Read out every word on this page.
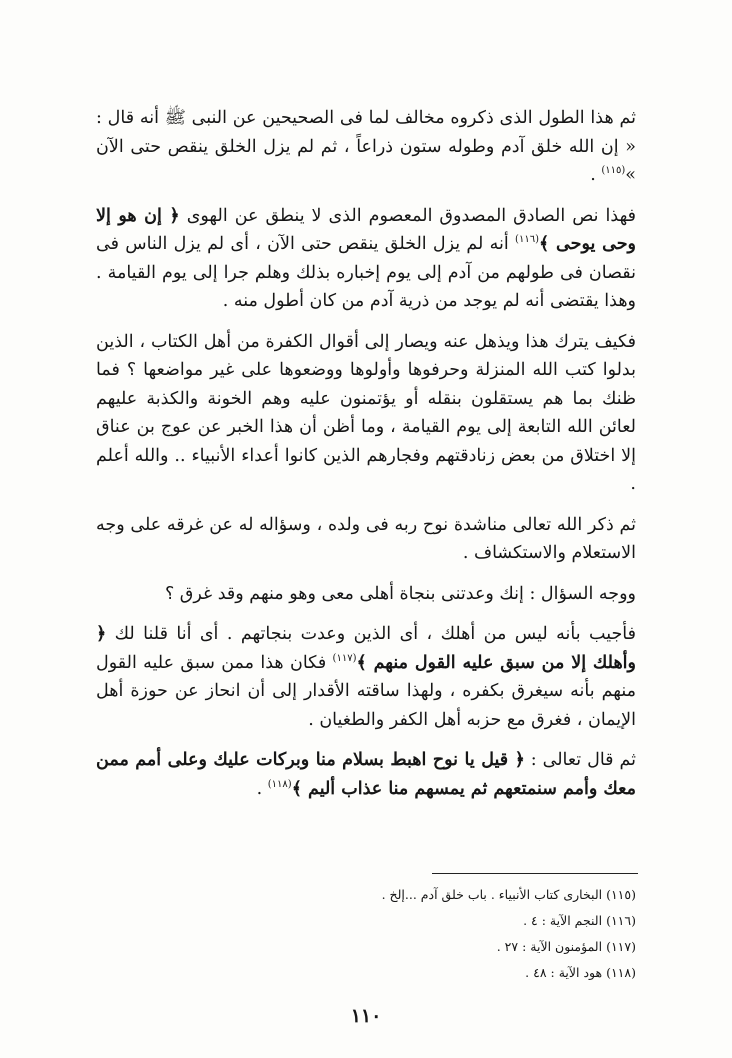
ثم هذا الطول الذى ذكروه مخالف لما فى الصحيحين عن النبى ﷺ أنه قال : « إن الله خلق آدم وطوله ستون ذراعاً ، ثم لم يزل الخلق ينقص حتى الآن »$^{(١١٥)}$ .

فهذا نص الصادق المصدوق المعصوم الذى لا ينطق عن الهوى ﴿ إن هو إلا وحى يوحى ﴾$^{(١١٦)}$ أنه لم يزل الخلق ينقص حتى الآن ، أى لم يزل الناس فى نقصان فى طولهم من آدم إلى يوم إخباره بذلك وهلم جرا إلى يوم القيامة . وهذا يقتضى أنه لم يوجد من ذرية آدم من كان أطول منه .

فكيف يترك هذا ويذهل عنه ويصار إلى أقوال الكفرة من أهل الكتاب ، الذين بدلوا كتب الله المنزلة وحرفوها وأولوها ووضعوها على غير مواضعها ؟ فما ظنك بما هم يستقلون بنقله أو يؤتمنون عليه وهم الخونة والكذبة عليهم لعائن الله التابعة إلى يوم القيامة ، وما أظن أن هذا الخبر عن عوج بن عناق إلا اختلاق من بعض زنادقتهم وفجارهم الذين كانوا أعداء الأنبياء .. والله أعلم .

ثم ذكر الله تعالى مناشدة نوح ربه فى ولده ، وسؤاله له عن غرقه على وجه الاستعلام والاستكشاف .

ووجه السؤال : إنك وعدتنى بنجاة أهلى معى وهو منهم وقد غرق ؟

فأجيب بأنه ليس من أهلك ، أى الذين وعدت بنجاتهم . أى أنا قلنا لك ﴿ وأهلك إلا من سبق عليه القول منهم ﴾$^{(١١٧)}$ فكان هذا ممن سبق عليه القول منهم بأنه سيغرق بكفره ، ولهذا ساقته الأقدار إلى أن انحاز عن حوزة أهل الإيمان ، فغرق مع حزبه أهل الكفر والطغيان .

ثم قال تعالى : ﴿ قيل يا نوح اهبط بسلام منا وبركات عليك وعلى أمم ممن معك وأمم سنمتعهم ثم يمسهم منا عذاب أليم ﴾$^{(١١٨)}$ .

(١١٥) البخارى كتاب الأنبياء . باب خلق آدم ...إلخ .

(١١٦) النجم الآية : ٤ .

(١١٧) المؤمنون الآية : ٢٧ .

(١١٨) هود الآية : ٤٨ .

١١٠
